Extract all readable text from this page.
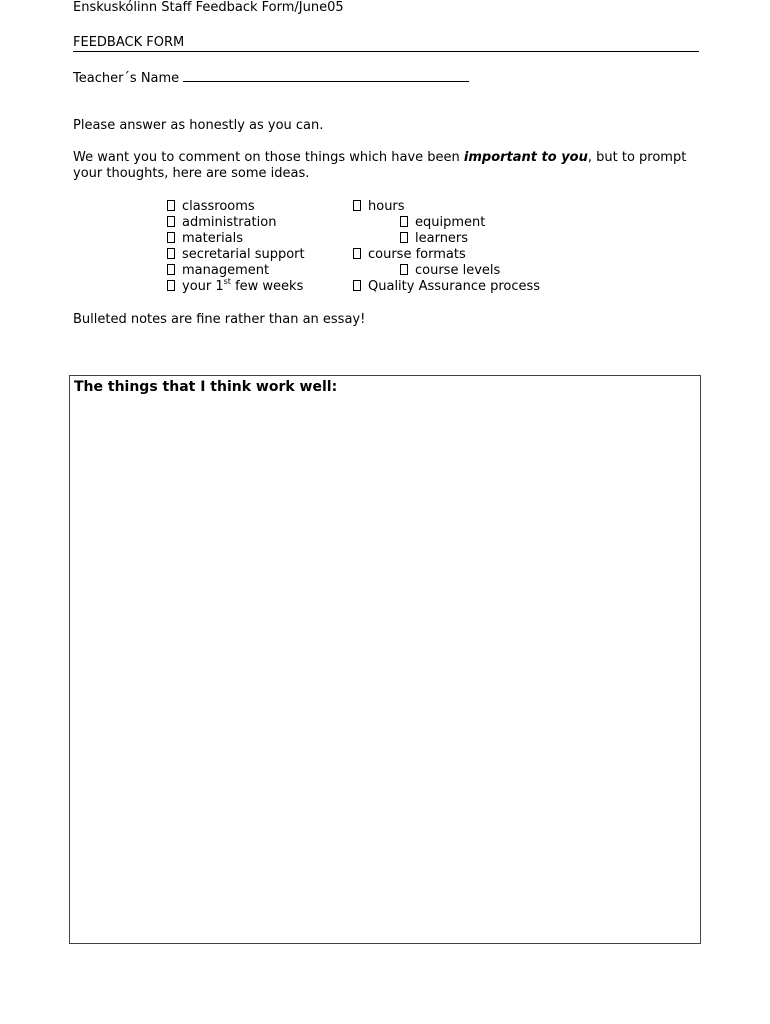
Enskuskólinn Staff Feedback Form/June05
FEEDBACK FORM
Teacher´s Name
Please answer as honestly as you can.
We want you to comment on those things which have been important to you, but to prompt
your thoughts, here are some ideas.
classrooms
administration
materials
secretarial support
management
your 1st few weeks
hours
equipment
learners
course formats
course levels
Quality Assurance process
Bulleted notes are fine rather than an essay!
The things that I think work well:
